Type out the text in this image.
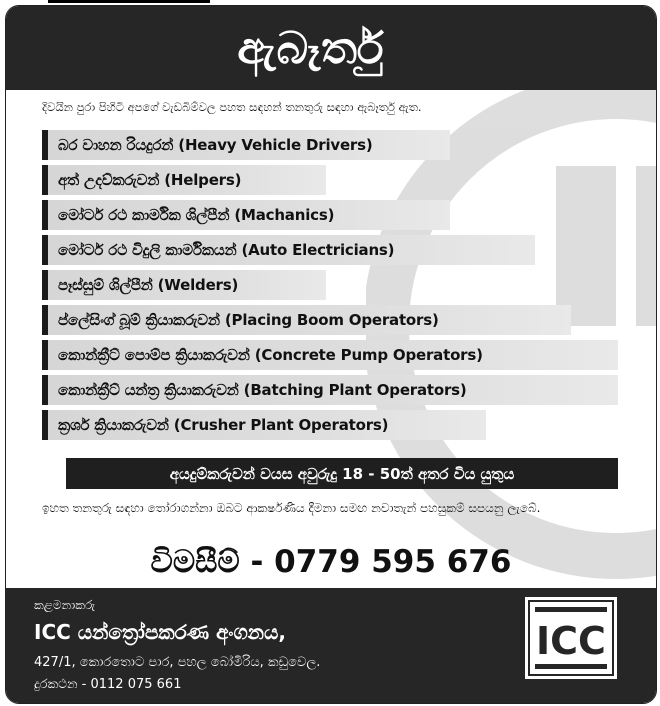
ඇබෑර්තු
දිවයින පුරා පිහිටි අපගේ වැඩබිම්වල පහත සඳහන් තනතුරු සඳහා ඇබෑර්තු ඇත.
බර වාහන රියදුරන් (Heavy Vehicle Drivers)
අත් උදව්කරුවන් (Helpers)
මෝටර් රථ කාර්මික ශිල්පීන් (Machanics)
මෝටර් රථ විදුලි කාර්මිකයන් (Auto Electricians)
පෑස්සුම් ශිල්පීන් (Welders)
ප්ලේසිංග් බූම් ක්‍රියාකරුවන් (Placing Boom Operators)
කොන්ක්‍රීට් පොම්ප ක්‍රියාකරුවන් (Concrete Pump Operators)
කොන්ක්‍රීට් යන්ත්‍ර ක්‍රියාකරුවන් (Batching Plant Operators)
ක්‍රශර් ක්‍රියාකරුවන් (Crusher Plant Operators)
අයදුම්කරුවන් වයස අවුරුදු 18 - 50ත් අතර විය යුතුය
ඉහත තනතුරු සඳහා තෝරාගන්නා ඔබට ආකර්ෂණීය දීමනා සමඟ නවාතැන් පහසුකම් සපයනු ලැබේ.
විමසීම් - 0779 595 676
කළමනාකරු
ICC යන්ත්‍රෝපකරණ අංගනය,
427/1, කොරතොට පාර, පහල බෝමිරිය, කඩුවෙල.
දුරකථන - 0112 075 661
ICC
